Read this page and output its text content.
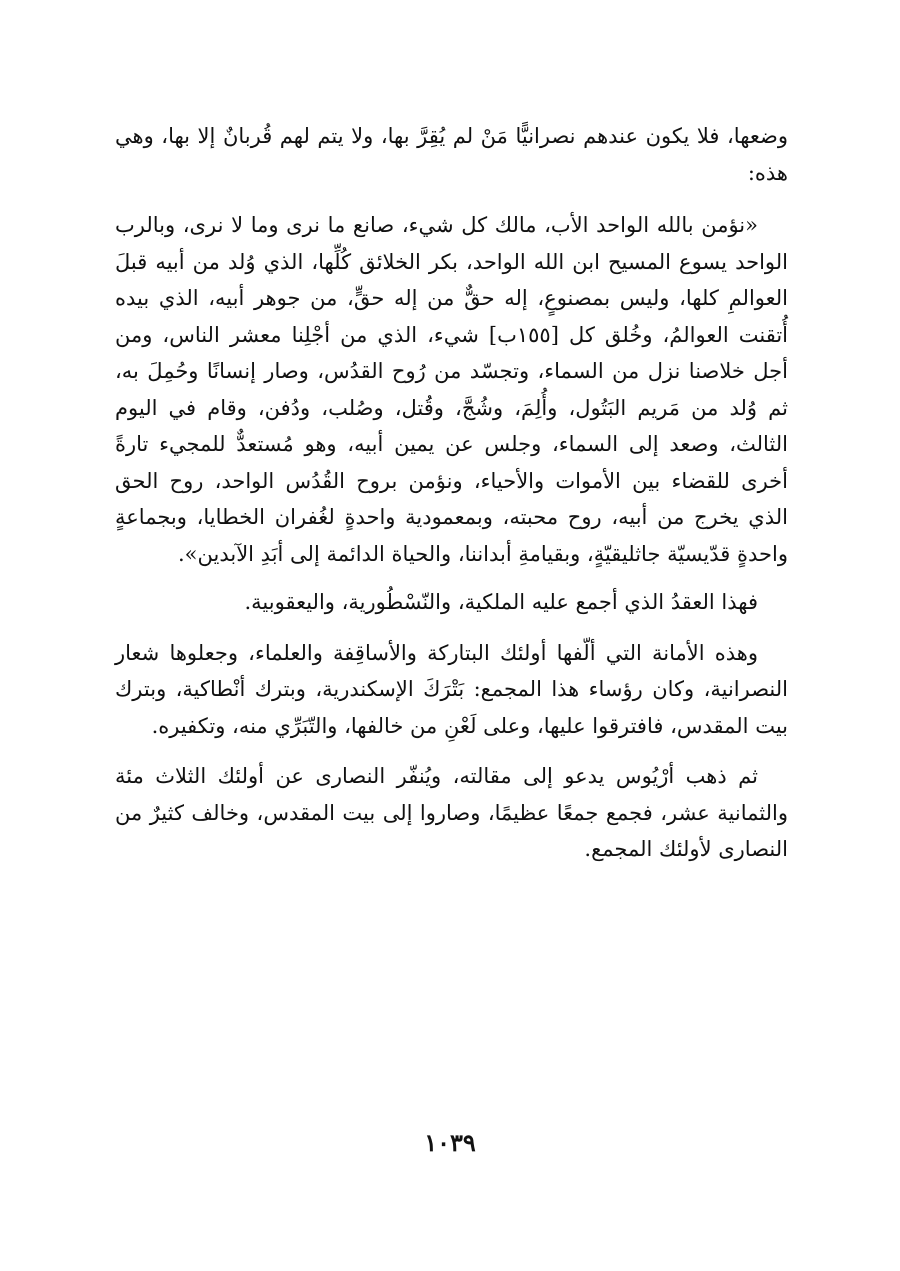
وضعها، فلا يكون عندهم نصرانيًّا مَنْ لم يُقِرَّ بها، ولا يتم لهم قُربانٌ إلا بها، وهي هذه:

«نؤمن بالله الواحد الأب، مالك كل شيء، صانع ما نرى وما لا نرى، وبالرب الواحد يسوع المسيح ابن الله الواحد، بكر الخلائق كُلِّها، الذي وُلد من أبيه قبلَ العوالمِ كلها، وليس بمصنوعٍ، إله حقٌّ من إله حقٍّ، من جوهر أبيه، الذي بيده أُتقنت العوالمُ، وخُلق كل [١٥٥ب] شيء، الذي من أجْلِنا معشر الناس، ومن أجل خلاصنا نزل من السماء، وتجسّد من رُوح القدُس، وصار إنسانًا وحُمِلَ به، ثم وُلد من مَريم البَتُول، وأُلِمَ، وشُجَّ، وقُتل، وصُلب، ودُفن، وقام في اليوم الثالث، وصعد إلى السماء، وجلس عن يمين أبيه، وهو مُستعدٌّ للمجيء تارةً أخرى للقضاء بين الأموات والأحياء، ونؤمن بروح القُدُس الواحد، روح الحق الذي يخرج من أبيه، روح محبته، وبمعمودية واحدةٍ لغُفران الخطايا، وبجماعةٍ واحدةٍ قدّيسيّة جاثليقيّةٍ، وبقيامةِ أبداننا، والحياة الدائمة إلى أبَدِ الآبدين».

فهذا العقدُ الذي أجمع عليه الملكية، والنّسْطُورية، واليعقوبية.

وهذه الأمانة التي ألّفها أولئك البتاركة والأساقِفة والعلماء، وجعلوها شعار النصرانية، وكان رؤساء هذا المجمع: بَتْرَكَ الإسكندرية، وبترك أنْطاكية، وبترك بيت المقدس، فافترقوا عليها، وعلى لَعْنِ من خالفها، والتّبَرِّي منه، وتكفيره.

ثم ذهب أرْيُوس يدعو إلى مقالته، ويُنفّر النصارى عن أولئك الثلاث مئة والثمانية عشر، فجمع جمعًا عظيمًا، وصاروا إلى بيت المقدس، وخالف كثيرٌ من النصارى لأولئك المجمع.

١٠٣٩
